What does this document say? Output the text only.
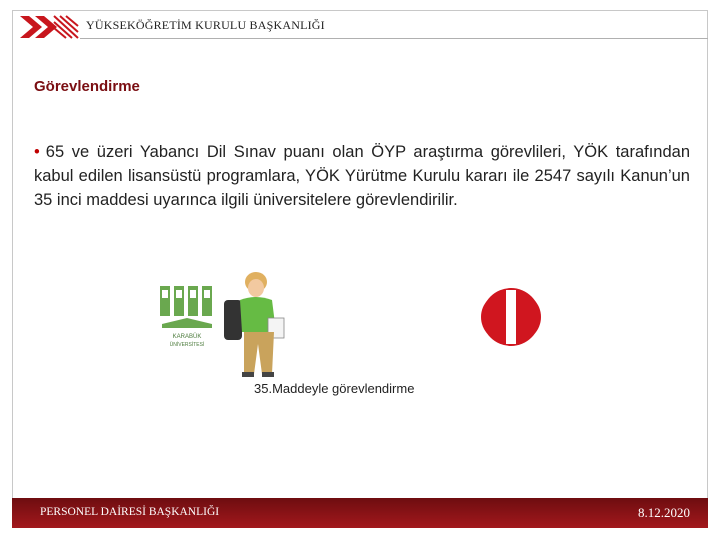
YÜKSEKÖĞRETİM KURULU BAŞKANLIĞI
Görevlendirme
• 65 ve üzeri Yabancı Dil Sınav puanı olan ÖYP araştırma görevlileri, YÖK tarafından kabul edilen lisansüstü programlara, YÖK Yürütme Kurulu kararı ile 2547 sayılı Kanun’un 35 inci maddesi uyarınca ilgili üniversitelere görevlendirilir.
KARABÜK
ÜNİVERSİTESİ
35.Maddeyle görevlendirme
PERSONEL DAİRESİ BAŞKANLIĞI	8.12.2020
